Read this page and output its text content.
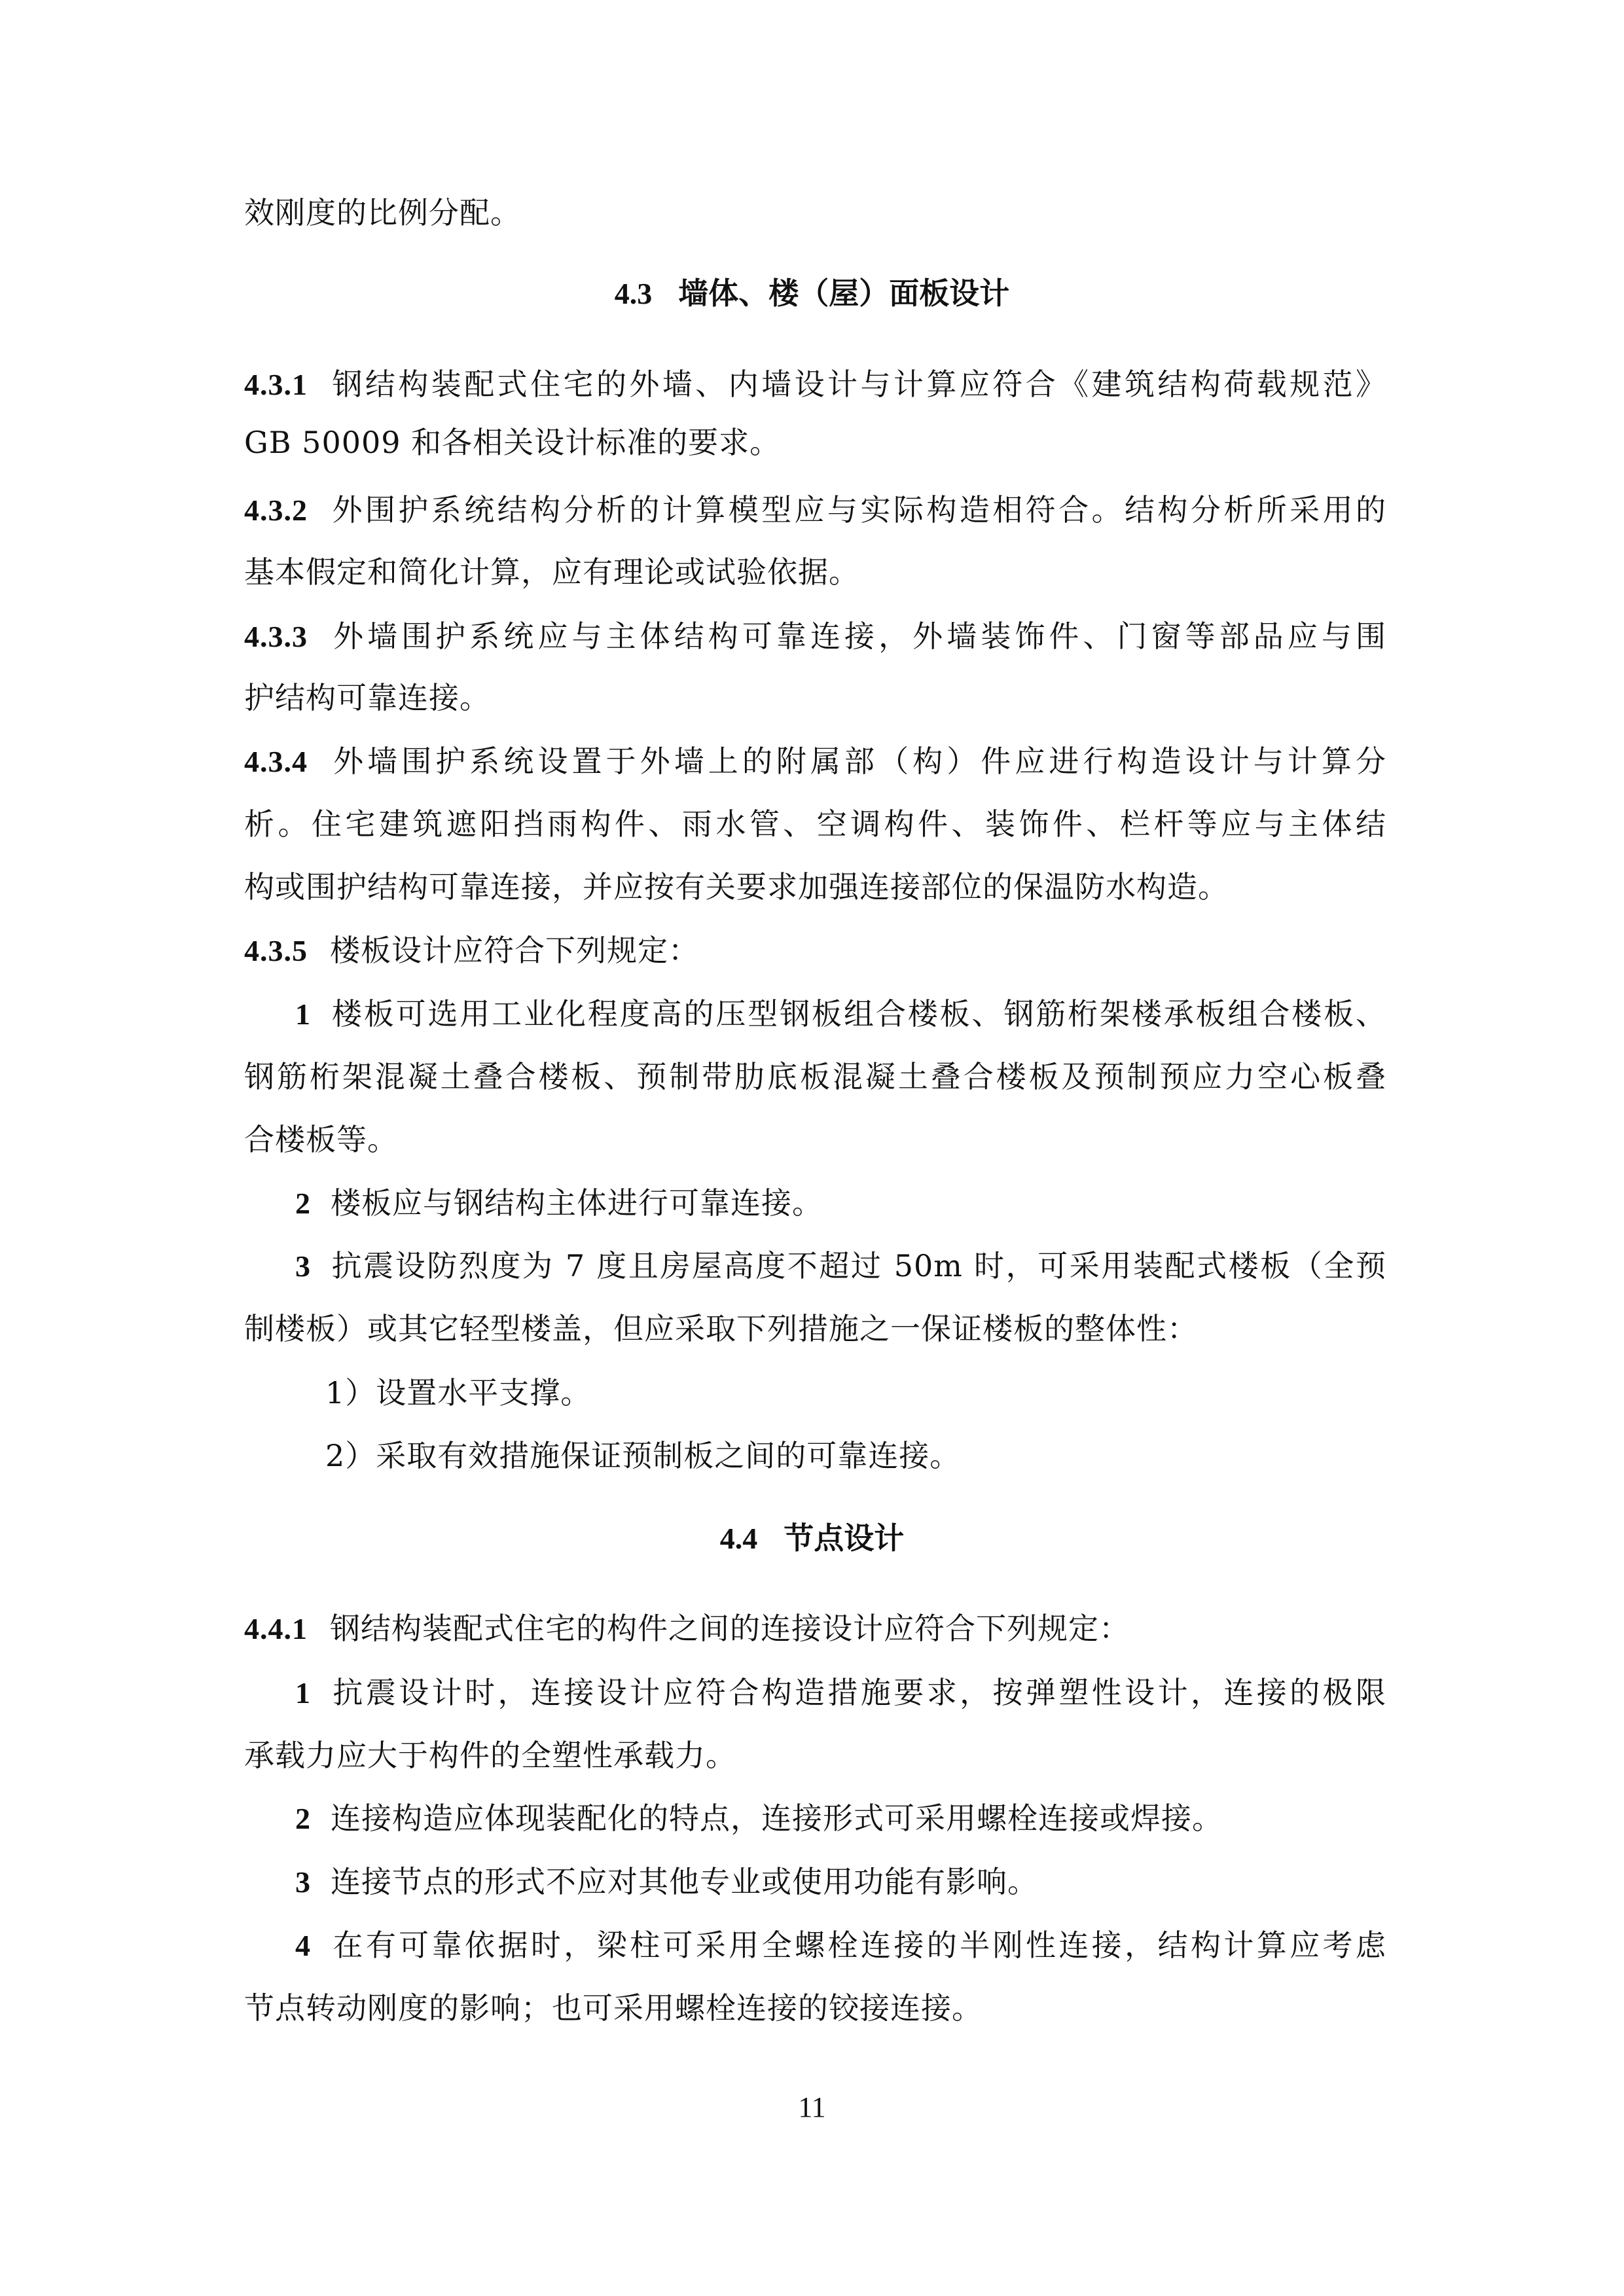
效刚度的比例分配。
4.3 墙体、楼（屋）面板设计
4.3.1 钢结构装配式住宅的外墙、内墙设计与计算应符合《建筑结构荷载规范》
GB 50009 和各相关设计标准的要求。
4.3.2 外围护系统结构分析的计算模型应与实际构造相符合。结构分析所采用的
基本假定和简化计算，应有理论或试验依据。
4.3.3 外墙围护系统应与主体结构可靠连接，外墙装饰件、门窗等部品应与围
护结构可靠连接。
4.3.4 外墙围护系统设置于外墙上的附属部（构）件应进行构造设计与计算分
析。住宅建筑遮阳挡雨构件、雨水管、空调构件、装饰件、栏杆等应与主体结
构或围护结构可靠连接，并应按有关要求加强连接部位的保温防水构造。
4.3.5 楼板设计应符合下列规定：
1 楼板可选用工业化程度高的压型钢板组合楼板、钢筋桁架楼承板组合楼板、
钢筋桁架混凝土叠合楼板、预制带肋底板混凝土叠合楼板及预制预应力空心板叠
合楼板等。
2 楼板应与钢结构主体进行可靠连接。
3 抗震设防烈度为 7 度且房屋高度不超过 50m 时，可采用装配式楼板（全预
制楼板）或其它轻型楼盖，但应采取下列措施之一保证楼板的整体性：
1）设置水平支撑。
2）采取有效措施保证预制板之间的可靠连接。
4.4 节点设计
4.4.1 钢结构装配式住宅的构件之间的连接设计应符合下列规定：
1 抗震设计时，连接设计应符合构造措施要求，按弹塑性设计，连接的极限
承载力应大于构件的全塑性承载力。
2 连接构造应体现装配化的特点，连接形式可采用螺栓连接或焊接。
3 连接节点的形式不应对其他专业或使用功能有影响。
4 在有可靠依据时，梁柱可采用全螺栓连接的半刚性连接，结构计算应考虑
节点转动刚度的影响；也可采用螺栓连接的铰接连接。
11
